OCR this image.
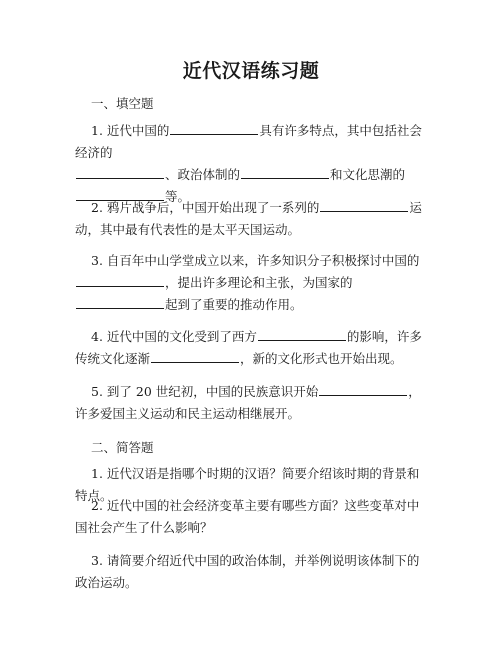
近代汉语练习题
一、填空题

1. 近代中国的	具有许多特点，其中包括社会经济的
、政治体制的	和文化思潮的
等。

2. 鸦片战争后，中国开始出现了一系列的	运动，其中最有代表性的是太平天国运动。

3. 自百年中山学堂成立以来，许多知识分子积极探讨中国的
，提出许多理论和主张，为国家的起到了重要的推动作用。

4. 近代中国的文化受到了西方	的影响，许多传统文化逐渐	，新的文化形式也开始出现。

5. 到了 20 世纪初，中国的民族意识开始	，许多爱国主义运动和民主运动相继展开。

二、简答题

1. 近代汉语是指哪个时期的汉语？简要介绍该时期的背景和特点。

2. 近代中国的社会经济变革主要有哪些方面？这些变革对中国社会产生了什么影响？

3. 请简要介绍近代中国的政治体制，并举例说明该体制下的政治运动。
